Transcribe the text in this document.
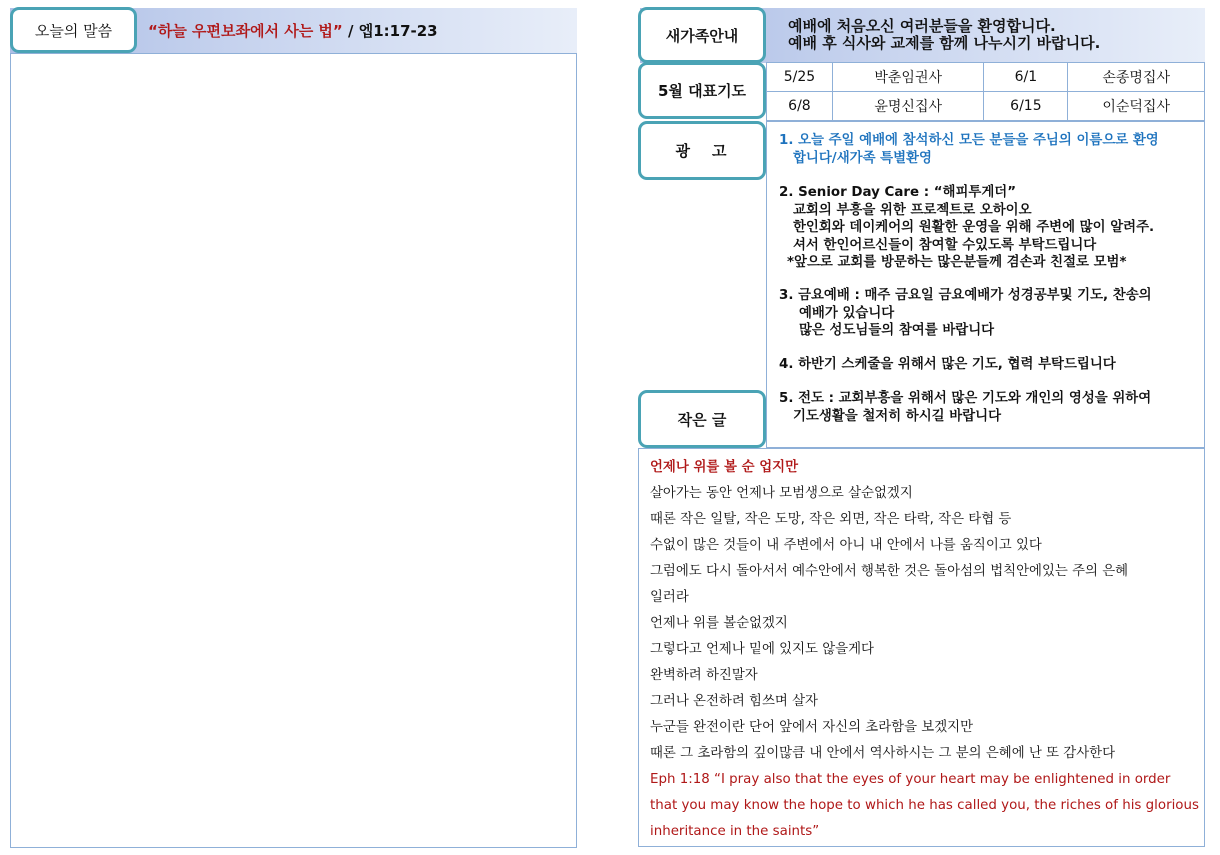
오늘의 말씀	“하늘 우편보좌에서 사는 법” / 엡1:17-23	새가족안내
예배에 처음오신 여러분들을 환영합니다.
예배 후 식사와 교제를 함께 나누시기 바랍니다.
5월 대표기도
5/25	박춘임권사	6/1	손종명집사
6/8	윤명신집사	6/15	이순덕집사
광고
1. 오늘 주일 예배에 참석하신 모든 분들을 주님의 이름으로 환영
합니다/새가족 특별환영
2. Senior Day Care : “해피투게더”
교회의 부흥을 위한 프로젝트로 오하이오
한인회와 데이케어의 원활한 운영을 위해 주변에 많이 알려주.
셔서 한인어르신들이 참여할 수있도록 부탁드립니다
*앞으로 교회를 방문하는 많은분들께 겸손과 친절로 모범*
3. 금요예배 : 매주 금요일 금요예배가 성경공부및 기도, 찬송의
예배가 있습니다
많은 성도님들의 참여를 바랍니다
4. 하반기 스케줄을 위해서 많은 기도, 협력 부탁드립니다
5. 전도 : 교회부흥을 위해서 많은 기도와 개인의 영성을 위하여
기도생활을 철저히 하시길 바랍니다
작은 글
언제나 위를 볼 순 업지만
살아가는 동안 언제나 모범생으로 살순없겠지
때론 작은 일탈, 작은 도망, 작은 외면, 작은 타락, 작은 타협 등
수없이 많은 것들이 내 주변에서 아니 내 안에서 나를 움직이고 있다
그럼에도 다시 돌아서서 예수안에서 행복한 것은 돌아섬의 법칙안에있는 주의 은혜
일러라
언제나 위를 볼순없겠지
그렇다고 언제나 밑에 있지도 않을게다
완벽하려 하진말자
그러나 온전하려 힘쓰며 살자
누군들 완전이란 단어 앞에서 자신의 초라함을 보겠지만
때론 그 초라함의 깊이많큼 내 안에서 역사하시는 그 분의 은혜에 난 또 감사한다
Eph 1:18 “I pray also that the eyes of your heart may be enlightened in order
that you may know the hope to which he has called you, the riches of his glorious
inheritance in the saints”
